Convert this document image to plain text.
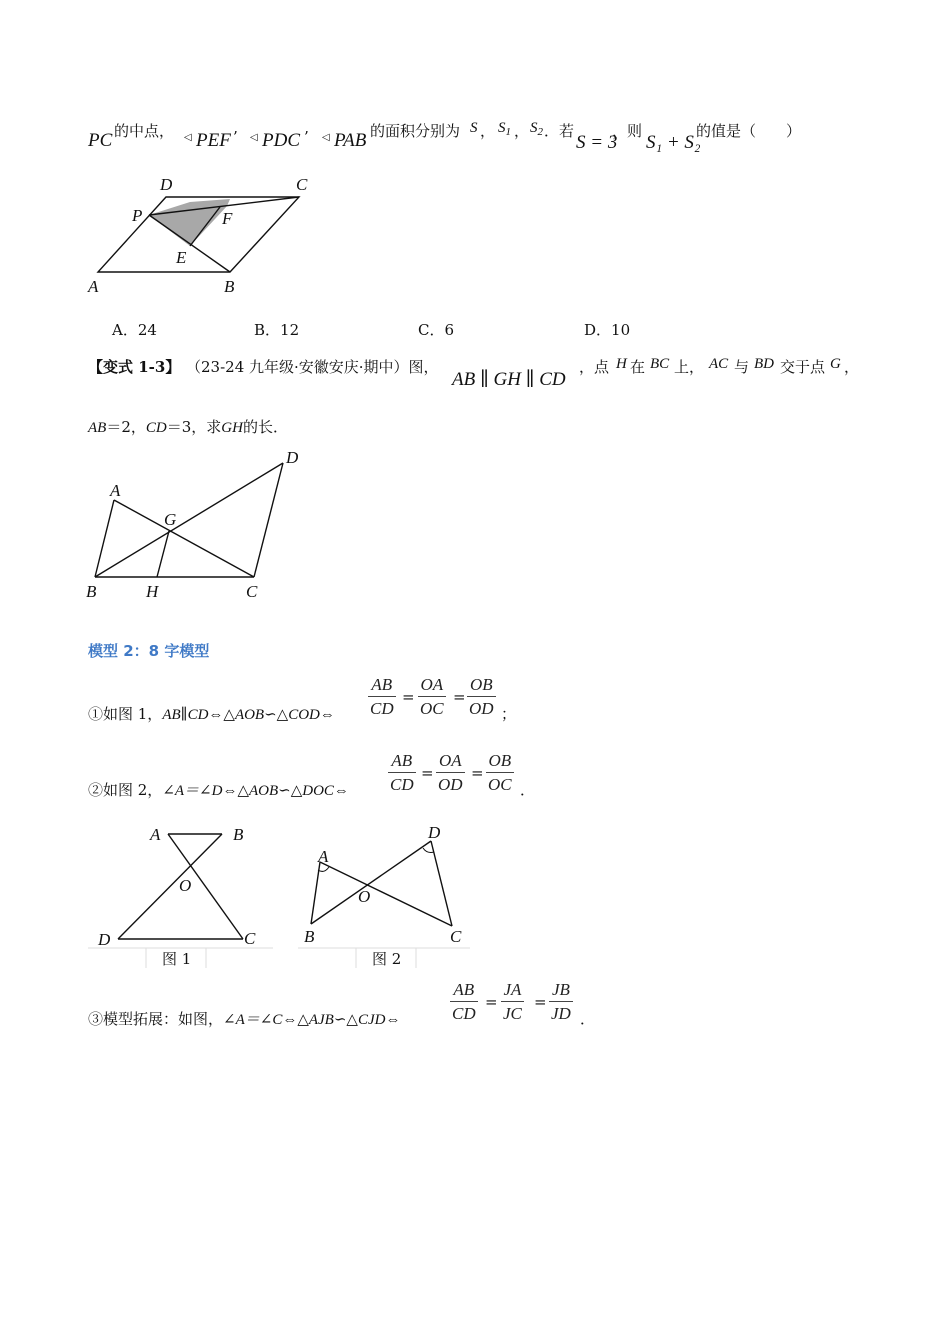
PC 的中点， ◁ PEF ’ ◁ PDC ’ ◁ PAB 的面积分别为 S ， $S_1$ ， $S_2$ ．若
S = 3
，则
S₁ + S₂
的值是（　　）
A	B
C
D
P
E
F
A．24	B．12	C．6	D．10
【变式 1-3】 （23-24 九年级·安徽安庆·期中）图，
AB ∥ GH ∥ CD
，点 H 在 BC 上， AC 与 BD 交于点 G ，
AB＝2，CD＝3，求GH的长．
A
B	C
D
G
H
模型 2：8 字模型
①如图 1，AB∥CD⇔△AOB∽△COD⇔ $\frac{AB}{CD} = \frac{OA}{OC} = \frac{OB}{OD}$ ；
②如图 2，∠A＝∠D⇔△AOB∽△DOC⇔ $\frac{AB}{CD} = \frac{OA}{OD} = \frac{OB}{OC}$ ．
A	B
O
D	C
图 1
A
B
O
D
C
图 2
③模型拓展：如图，∠A＝∠C⇔△AJB∽△CJD⇔	$\frac{AB}{CD} = \frac{JA}{JC} = \frac{JB}{JD}$ ．
